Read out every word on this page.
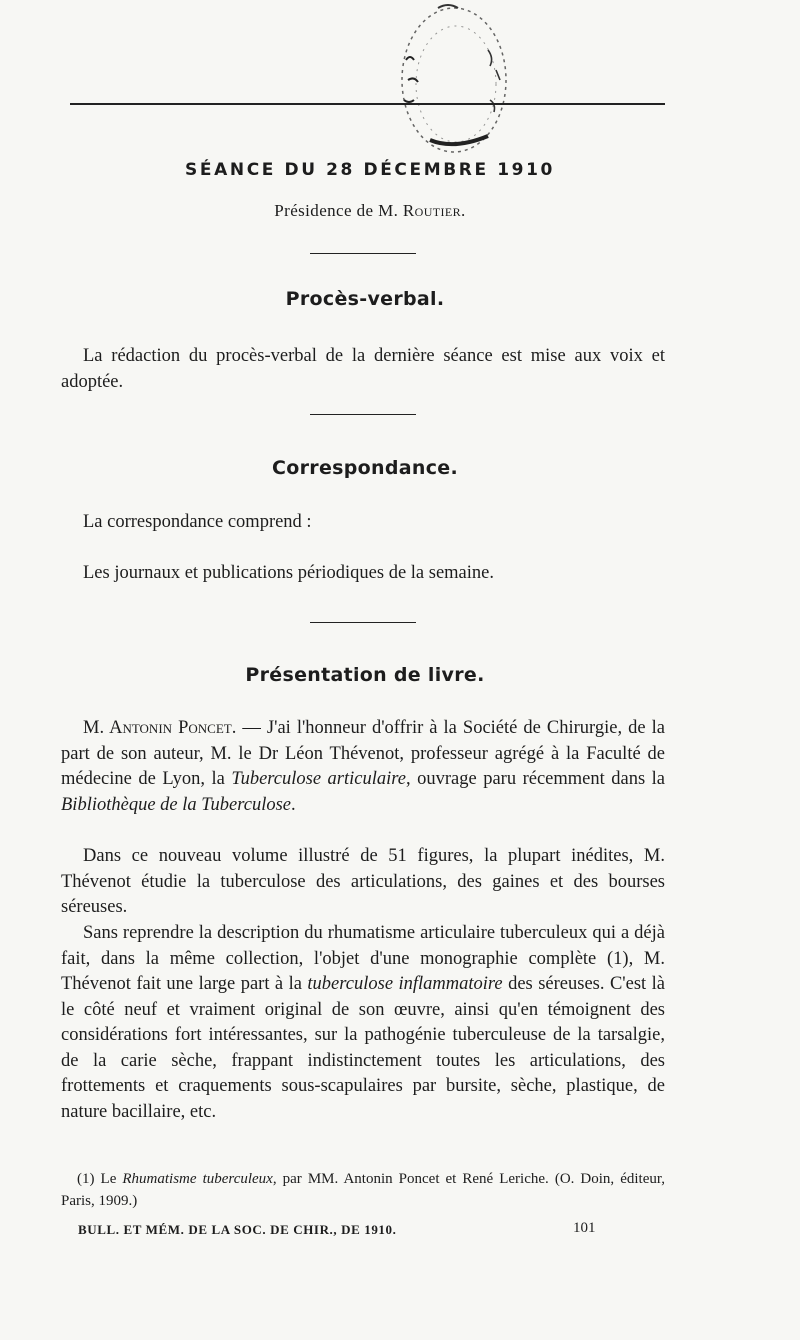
SÉANCE DU 28 DÉCEMBRE 1910
Présidence de M. Routier.
Procès-verbal.
La rédaction du procès-verbal de la dernière séance est mise aux voix et adoptée.
Correspondance.
La correspondance comprend :
Les journaux et publications périodiques de la semaine.
Présentation de livre.
M. Antonin Poncet. — J'ai l'honneur d'offrir à la Société de Chirurgie, de la part de son auteur, M. le Dr Léon Thévenot, professeur agrégé à la Faculté de médecine de Lyon, la Tuberculose articulaire, ouvrage paru récemment dans la Bibliothèque de la Tuberculose.
Dans ce nouveau volume illustré de 51 figures, la plupart inédites, M. Thévenot étudie la tuberculose des articulations, des gaines et des bourses séreuses.
Sans reprendre la description du rhumatisme articulaire tuberculeux qui a déjà fait, dans la même collection, l'objet d'une monographie complète (1), M. Thévenot fait une large part à la tuberculose inflammatoire des séreuses. C'est là le côté neuf et vraiment original de son œuvre, ainsi qu'en témoignent des considérations fort intéressantes, sur la pathogénie tuberculeuse de la tarsalgie, de la carie sèche, frappant indistinctement toutes les articulations, des frottements et craquements sous-scapulaires par bursite, sèche, plastique, de nature bacillaire, etc.
(1) Le Rhumatisme tuberculeux, par MM. Antonin Poncet et René Leriche. (O. Doin, éditeur, Paris, 1909.)
BULL. ET MÉM. DE LA SOC. DE CHIR., DE 1910.	101
